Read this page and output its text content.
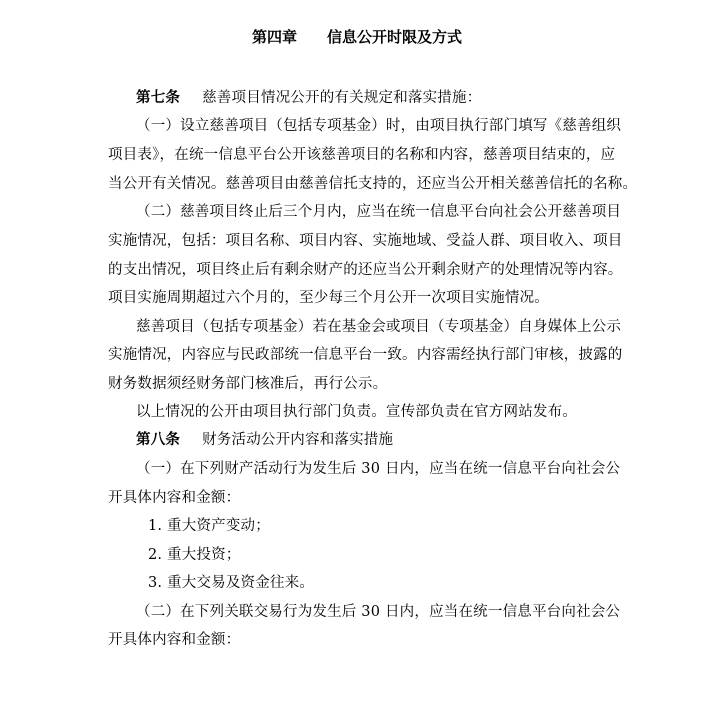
第四章 信息公开时限及方式
第七条 慈善项目情况公开的有关规定和落实措施：
（一）设立慈善项目（包括专项基金）时，由项目执行部门填写《慈善组织
项目表》，在统一信息平台公开该慈善项目的名称和内容，慈善项目结束的，应
当公开有关情况。慈善项目由慈善信托支持的，还应当公开相关慈善信托的名称。
（二）慈善项目终止后三个月内，应当在统一信息平台向社会公开慈善项目
实施情况，包括：项目名称、项目内容、实施地域、受益人群、项目收入、项目
的支出情况，项目终止后有剩余财产的还应当公开剩余财产的处理情况等内容。
项目实施周期超过六个月的，至少每三个月公开一次项目实施情况。
慈善项目（包括专项基金）若在基金会或项目（专项基金）自身媒体上公示
实施情况，内容应与民政部统一信息平台一致。内容需经执行部门审核，披露的
财务数据须经财务部门核准后，再行公示。
以上情况的公开由项目执行部门负责。宣传部负责在官方网站发布。
第八条 财务活动公开内容和落实措施
（一）在下列财产活动行为发生后 30 日内，应当在统一信息平台向社会公
开具体内容和金额：
1. 重大资产变动；
2. 重大投资；
3. 重大交易及资金往来。
（二）在下列关联交易行为发生后 30 日内，应当在统一信息平台向社会公
开具体内容和金额：
